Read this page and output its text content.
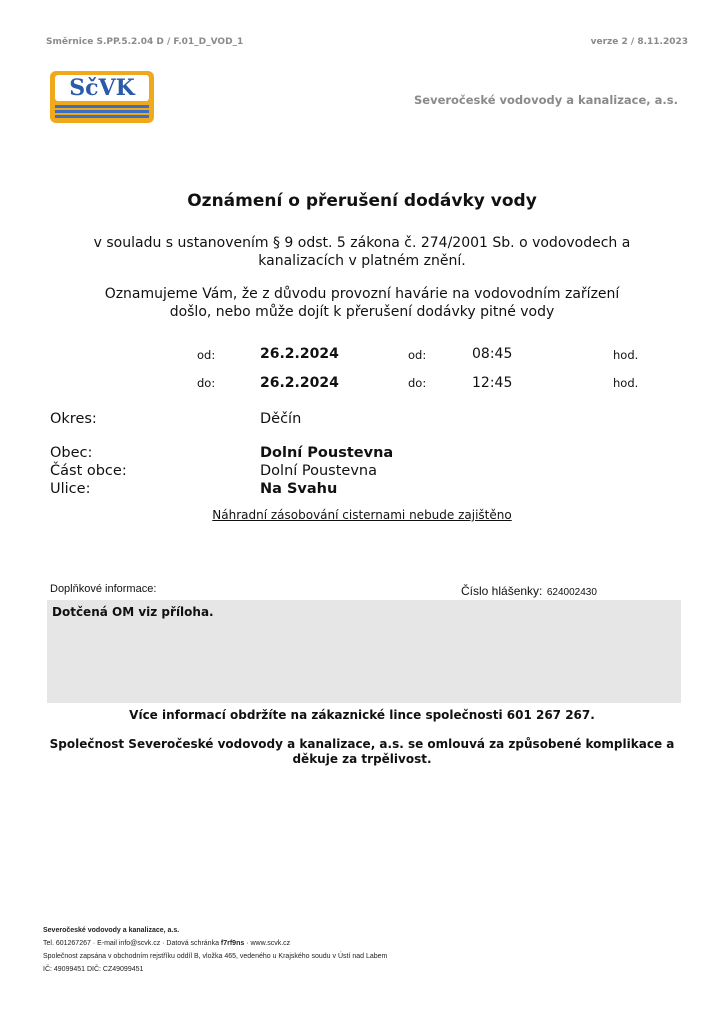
Směrnice S.PP.5.2.04 D / F.01_D_VOD_1	verze 2 / 8.11.2023
SčVK	Severočeské vodovody a kanalizace, a.s.
Oznámení o přerušení dodávky vody
v souladu s ustanovením § 9 odst. 5 zákona č. 274/2001 Sb. o vodovodech a
kanalizacích v platném znění.
Oznamujeme Vám, že z důvodu provozní havárie na vodovodním zařízení
došlo, nebo může dojít k přerušení dodávky pitné vody
od:	26.2.2024	od:	08:45	hod.
do:	26.2.2024	do:	12:45	hod.
Okres:	Děčín
Obec:	Dolní Poustevna
Část obce:	Dolní Poustevna
Ulice:	Na Svahu
Náhradní zásobování cisternami nebude zajištěno
Doplňkové informace:	Číslo hlášenky: 624002430
Dotčená OM viz příloha.
Více informací obdržíte na zákaznické lince společnosti 601 267 267.
Společnost Severočeské vodovody a kanalizace, a.s. se omlouvá za způsobené komplikace a
děkuje za trpělivost.
Severočeské vodovody a kanalizace, a.s.
Tel. 601267267 · E-mail info@scvk.cz · Datová schránka f7rf9ns · www.scvk.cz
Společnost zapsána v obchodním rejstříku oddíl B, vložka 465, vedeného u Krajského soudu v Ústí nad Labem
IČ: 49099451 DIČ: CZ49099451
